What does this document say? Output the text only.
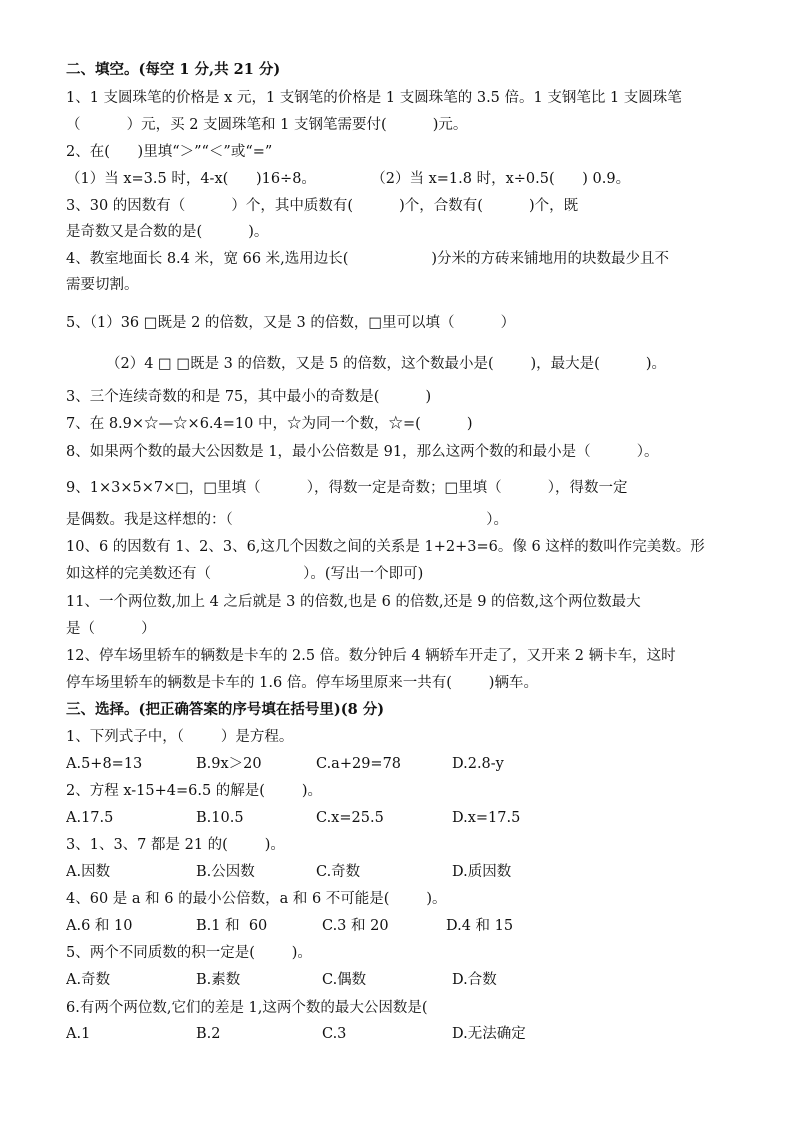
二、填空。(每空 1 分,共 21 分)
1、1 支圆珠笔的价格是 x 元，1 支钢笔的价格是 1 支圆珠笔的 3.5 倍。1 支钢笔比 1 支圆珠笔
（          ）元，买 2 支圆珠笔和 1 支钢笔需要付(          )元。
2、在(      )里填“＞”“＜”或“=”
（1）当 x=3.5 时，4-x(      )16÷8。            （2）当 x=1.8 时，x÷0.5(      ) 0.9。
3、30 的因数有（          ）个，其中质数有(          )个，合数有(          )个，既
是奇数又是合数的是(          )。
4、教室地面长 8.4 米，宽 66 米,选用边长(                  )分米的方砖来铺地用的块数最少且不
需要切割。
5、（1）36 □既是 2 的倍数，又是 3 的倍数，□里可以填（          ）
（2）4 □ □既是 3 的倍数，又是 5 的倍数，这个数最小是(        )，最大是(          )。
3、三个连续奇数的和是 75，其中最小的奇数是(          )
7、在 8.9×☆—☆×6.4=10 中，☆为同一个数，☆=(          )
8、如果两个数的最大公因数是 1，最小公倍数是 91，那么这两个数的和最小是（          ）。
9、1×3×5×7×□，□里填（          ），得数一定是奇数；□里填（          ），得数一定
是偶数。我是这样想的：（                                                       ）。
10、6 的因数有 1、2、3、6,这几个因数之间的关系是 1+2+3=6。像 6 这样的数叫作完美数。形
如这样的完美数还有（                    ）。(写出一个即可)
11、一个两位数,加上 4 之后就是 3 的倍数,也是 6 的倍数,还是 9 的倍数,这个两位数最大
是（          ）
12、停车场里轿车的辆数是卡车的 2.5 倍。数分钟后 4 辆轿车开走了，又开来 2 辆卡车，这时
停车场里轿车的辆数是卡车的 1.6 倍。停车场里原来一共有(        )辆车。
三、选择。(把正确答案的序号填在括号里)(8 分)
1、下列式子中，（        ）是方程。

A.5+8=13

	B.9x＞20

	C.a+29=78

	D.2.8-y

2、方程 x-15+4=6.5 的解是(        )。

A.17.5

	B.10.5

	C.x=25.5

	D.x=17.5

3、1、3、7 都是 21 的(        )。

A.因数

	B.公因数

	C.奇数

	D.质因数

4、60 是 a 和 6 的最小公倍数，a 和 6 不可能是(        )。

A.6 和 10

	B.1 和  60

	C.3 和 20

	D.4 和 15

5、两个不同质数的积一定是(        )。

A.奇数

	B.素数

	C.偶数

	D.合数

6.有两个两位数,它们的差是 1,这两个数的最大公因数是(

A.1

	B.2

	C.3

	D.无法确定
